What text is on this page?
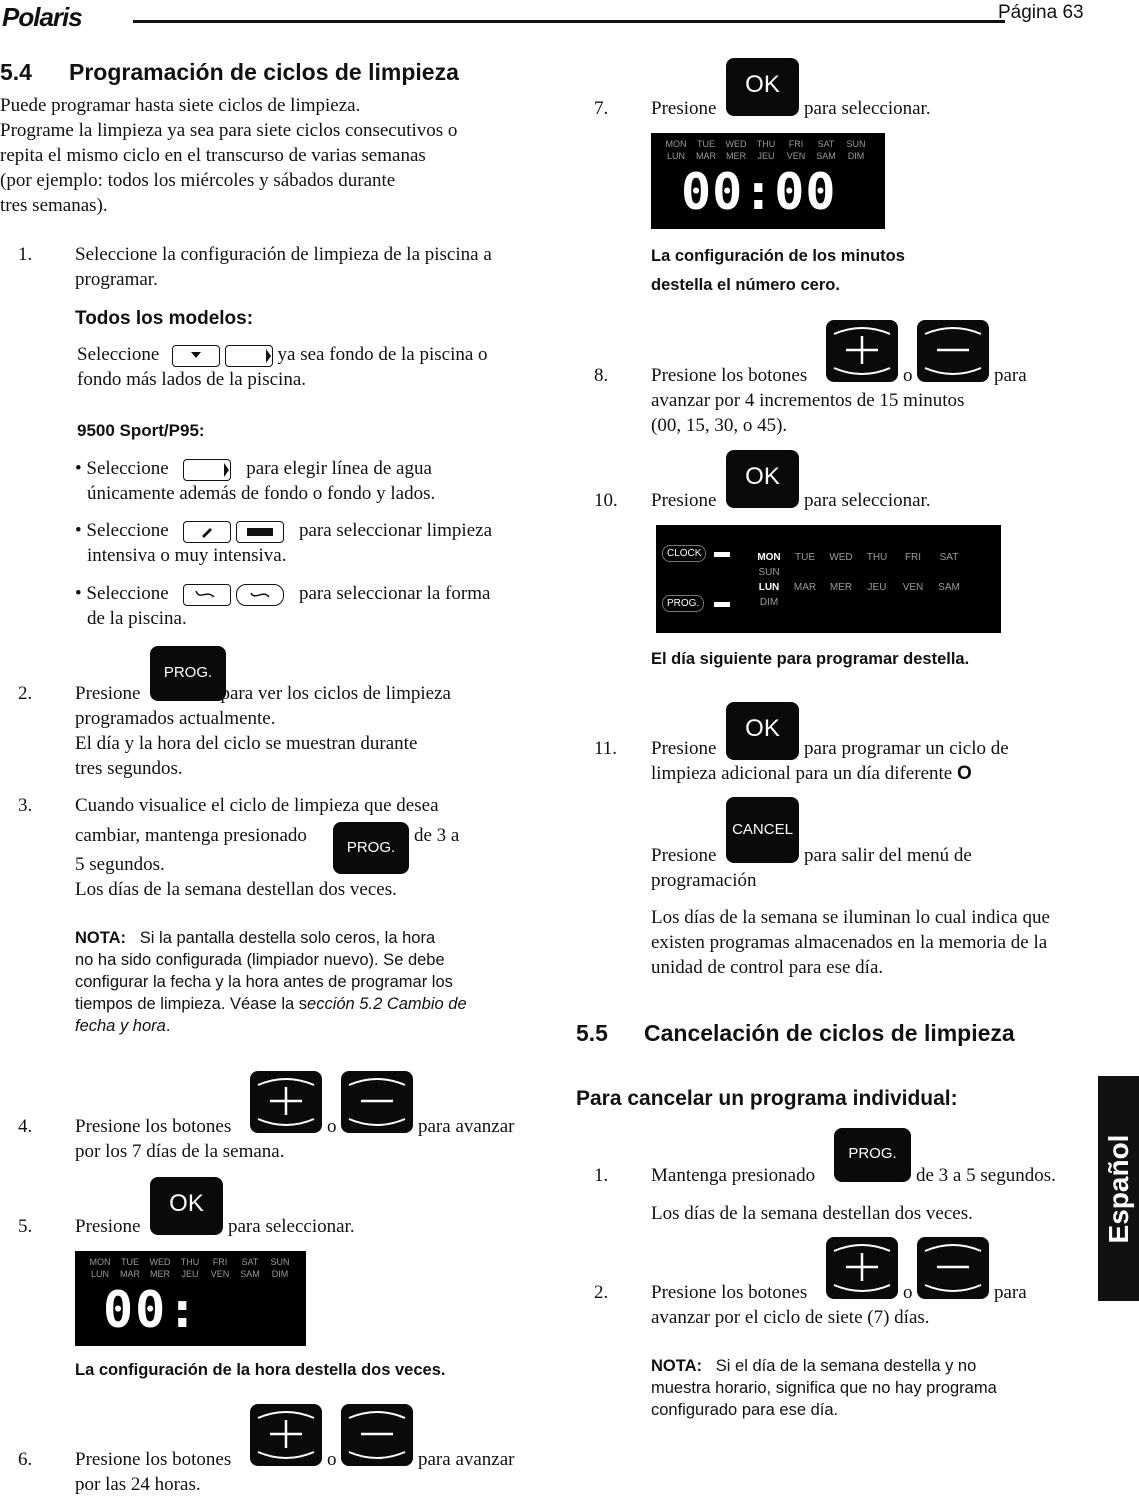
Polaris	Página 63
5.4 Programación de ciclos de limpieza
Puede programar hasta siete ciclos de limpieza.
Programe la limpieza ya sea para siete ciclos consecutivos o
repita el mismo ciclo en el transcurso de varias semanas
(por ejemplo: todos los miércoles y sábados durante
tres semanas).
1. Seleccione la configuración de limpieza de la piscina a
programar.
Todos los modelos:
Seleccione	ya sea fondo de la piscina o
fondo más lados de la piscina.
9500 Sport/P95:
• Seleccione	para elegir línea de agua
únicamente además de fondo o fondo y lados.
• Seleccione	para seleccionar limpieza
intensiva o muy intensiva.
• Seleccione	para seleccionar la forma
de la piscina.
2.
PROG.
Presione	para ver los ciclos de limpieza
programados actualmente.
El día y la hora del ciclo se muestran durante
tres segundos.
3. Cuando visualice el ciclo de limpieza que desea
cambiar, mantenga presionado
PROG.
de 3 a
5 segundos.
Los días de la semana destellan dos veces.
NOTA: Si la pantalla destella solo ceros, la hora
no ha sido configurada (limpiador nuevo). Se debe
configurar la fecha y la hora antes de programar los
tiempos de limpieza. Véase la sección 5.2 Cambio de
fecha y hora.
4. Presione los botones	o	para avanzar
por los 7 días de la semana.
5. Presione
OK
para seleccionar.
MON TUE WED THU FRI SAT SUN
LUN MAR MER JEU VEN SAM DIM
00:
La configuración de la hora destella dos veces.
6. Presione los botones	o	para avanzar
por las 24 horas.
7. Presione
OK
para seleccionar.
MON TUE WED THU FRI SAT SUN
LUN MAR MER JEU VEN SAM DIM
00:00
La configuración de los minutos
destella el número cero.
8. Presione los botones	o	para
avanzar por 4 incrementos de 15 minutos
(00, 15, 30, o 45).
10. Presione
OK
para seleccionar.
CLOCK	MON TUE WED THU FRI SATSUN
LUN MAR MER JEU VEN SAMDIM
PROG.
El día siguiente para programar destella.
11. Presione
OK
para programar un ciclo de
limpieza adicional para un día diferente O
CANCEL
Presione	para salir del menú de
programación
Los días de la semana se iluminan lo cual indica que
existen programas almacenados en la memoria de la
unidad de control para ese día.
5.5 Cancelación de ciclos de limpieza
Para cancelar un programa individual:
1. Mantenga presionado
PROG.
de 3 a 5 segundos.
Los días de la semana destellan dos veces.
2. Presione los botones	o	para
avanzar por el ciclo de siete (7) días.
NOTA: Si el día de la semana destella y no
muestra horario, significa que no hay programa
configurado para ese día.
Español
